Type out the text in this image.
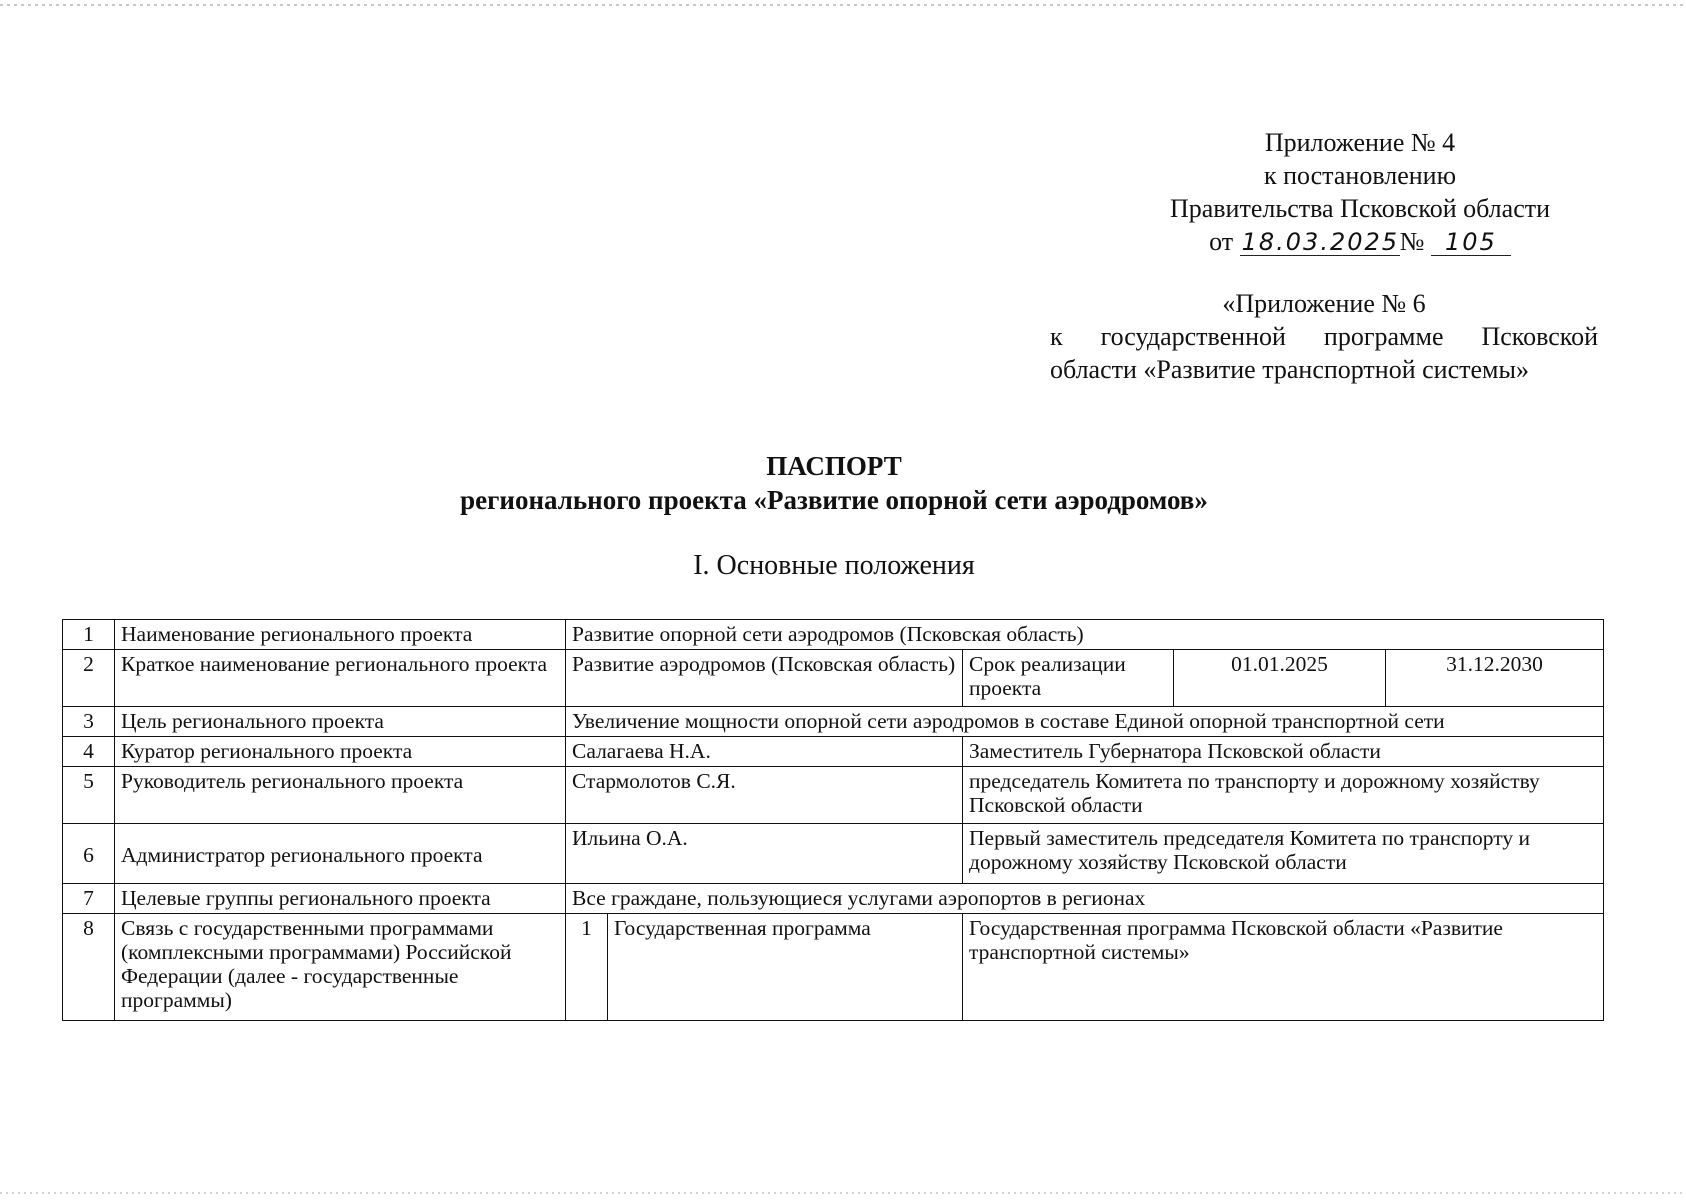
Приложение № 4
к постановлению
Правительства Псковской области
от 18.03.2025№ 105
«Приложение № 6
к государственной программе Псковской
области «Развитие транспортной системы»
ПАСПОРТ
регионального проекта «Развитие опорной сети аэродромов»
I. Основные положения
1	Наименование регионального проекта	Развитие опорной сети аэродромов (Псковская область)				
2	Краткое наименование регионального проекта	Развитие аэродромов (Псковская область)		Срок реализации проекта	01.01.2025	31.12.2030
3	Цель регионального проекта	Увеличение мощности опорной сети аэродромов в составе Единой опорной транспортной сети				
4	Куратор регионального проекта	Салагаева Н.А.		Заместитель Губернатора Псковской области		
5	Руководитель регионального проекта	Стармолотов С.Я.		председатель Комитета по транспорту и дорожному хозяйству Псковской области		
6	Администратор регионального проекта	Ильина О.А.		Первый заместитель председателя Комитета по транспорту и дорожному хозяйству Псковской области		
7	Целевые группы регионального проекта	Все граждане, пользующиеся услугами аэропортов в регионах				
8	Связь с государственными программами (комплексными программами) Российской Федерации (далее - государственные программы)	1	Государственная программа	Государственная программа Псковской области «Развитие транспортной системы»		
